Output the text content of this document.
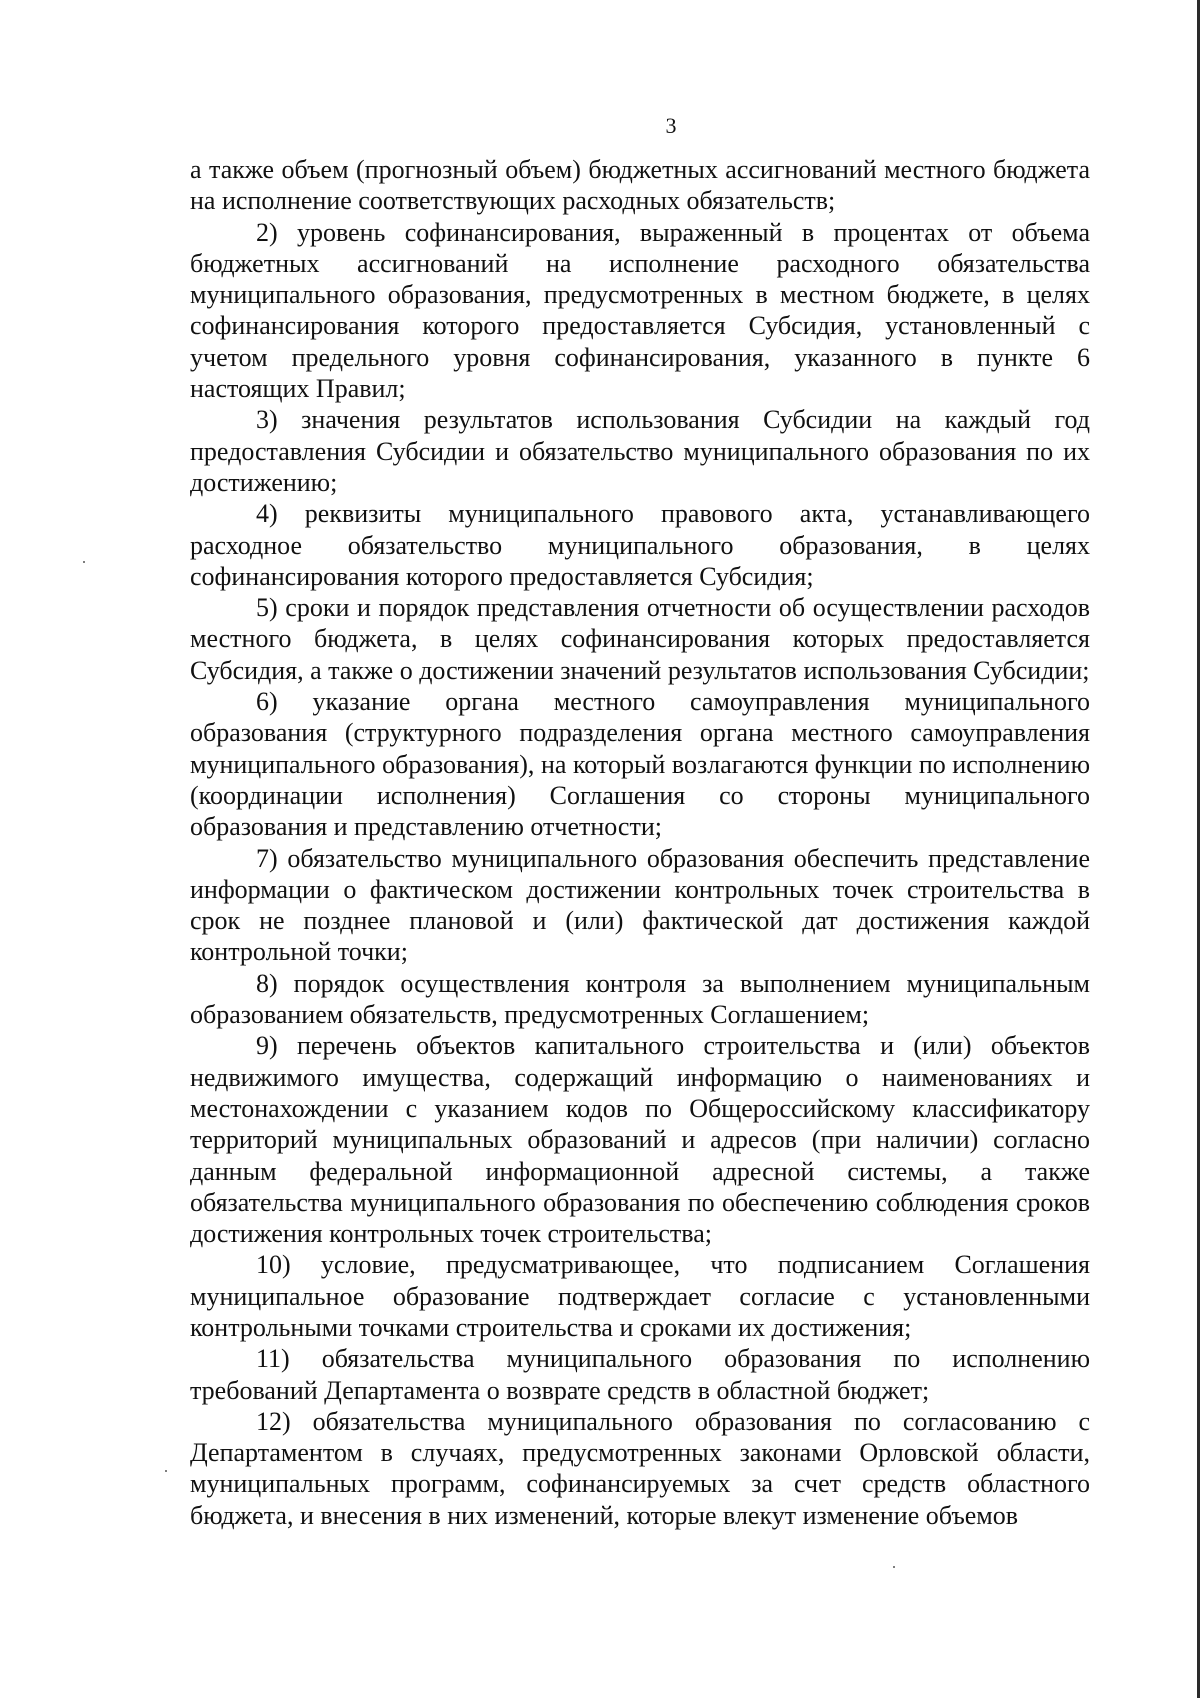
3

а также объем (прогнозный объем) бюджетных ассигнований местного бюджета на исполнение соответствующих расходных обязательств;

2) уровень софинансирования, выраженный в процентах от объема бюджетных ассигнований на исполнение расходного обязательства муниципального образования, предусмотренных в местном бюджете, в целях софинансирования которого предоставляется Субсидия, установленный с учетом предельного уровня софинансирования, указанного в пункте 6 настоящих Правил;

3) значения результатов использования Субсидии на каждый год предоставления Субсидии и обязательство муниципального образования по их достижению;

4) реквизиты муниципального правового акта, устанавливающего расходное обязательство муниципального образования, в целях софинансирования которого предоставляется Субсидия;

5) сроки и порядок представления отчетности об осуществлении расходов местного бюджета, в целях софинансирования которых предоставляется Субсидия, а также о достижении значений результатов использования Субсидии;

6) указание органа местного самоуправления муниципального образования (структурного подразделения органа местного самоуправления муниципального образования), на который возлагаются функции по исполнению (координации исполнения) Соглашения со стороны муниципального образования и представлению отчетности;

7) обязательство муниципального образования обеспечить представление информации о фактическом достижении контрольных точек строительства в срок не позднее плановой и (или) фактической дат достижения каждой контрольной точки;

8) порядок осуществления контроля за выполнением муниципальным образованием обязательств, предусмотренных Соглашением;

9) перечень объектов капитального строительства и (или) объектов недвижимого имущества, содержащий информацию о наименованиях и местонахождении с указанием кодов по Общероссийскому классификатору территорий муниципальных образований и адресов (при наличии) согласно данным федеральной информационной адресной системы, а также обязательства муниципального образования по обеспечению соблюдения сроков достижения контрольных точек строительства;

10) условие, предусматривающее, что подписанием Соглашения муниципальное образование подтверждает согласие с установленными контрольными точками строительства и сроками их достижения;

11) обязательства муниципального образования по исполнению требований Департамента о возврате средств в областной бюджет;

12) обязательства муниципального образования по согласованию с Департаментом в случаях, предусмотренных законами Орловской области, муниципальных программ, софинансируемых за счет средств областного бюджета, и внесения в них изменений, которые влекут изменение объемов
